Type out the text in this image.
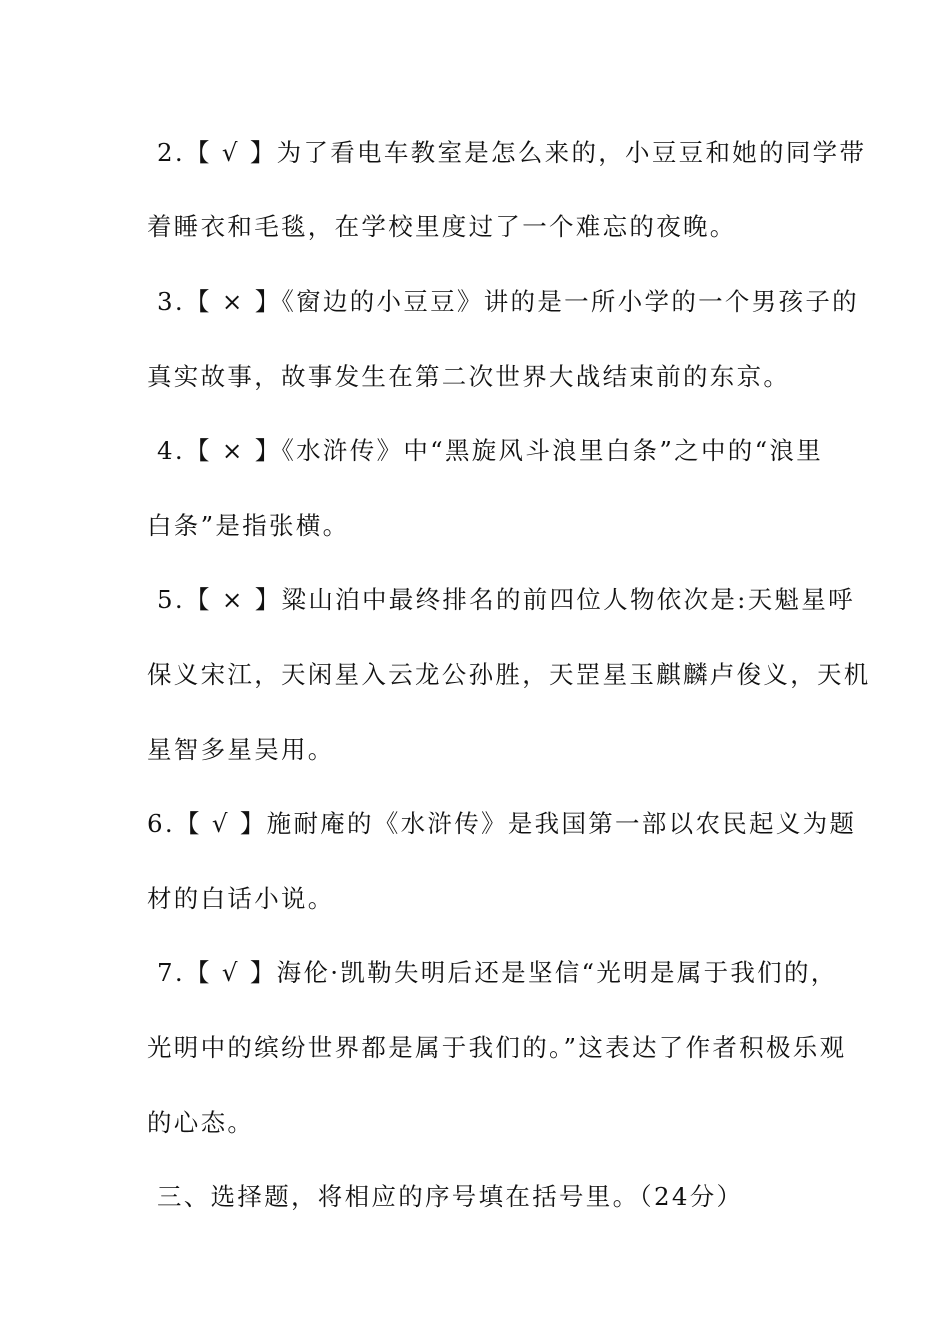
2.【 √ 】为了看电车教室是怎么来的，小豆豆和她的同学带
着睡衣和毛毯，在学校里度过了一个难忘的夜晚。
3.【 × 】《窗边的小豆豆》讲的是一所小学的一个男孩子的
真实故事，故事发生在第二次世界大战结束前的东京。
4.【 × 】《水浒传》中“黑旋风斗浪里白条”之中的“浪里
白条”是指张横。
5.【 × 】粱山泊中最终排名的前四位人物依次是:天魁星呼
保义宋江，天闲星入云龙公孙胜，天罡星玉麒麟卢俊义，天机
星智多星吴用。
6.【 √ 】施耐庵的《水浒传》是我国第一部以农民起义为题
材的白话小说。
7.【 √ 】海伦·凯勒失明后还是坚信“光明是属于我们的，
光明中的缤纷世界都是属于我们的。”这表达了作者积极乐观
的心态。
三、选择题，将相应的序号填在括号里。（24分）
